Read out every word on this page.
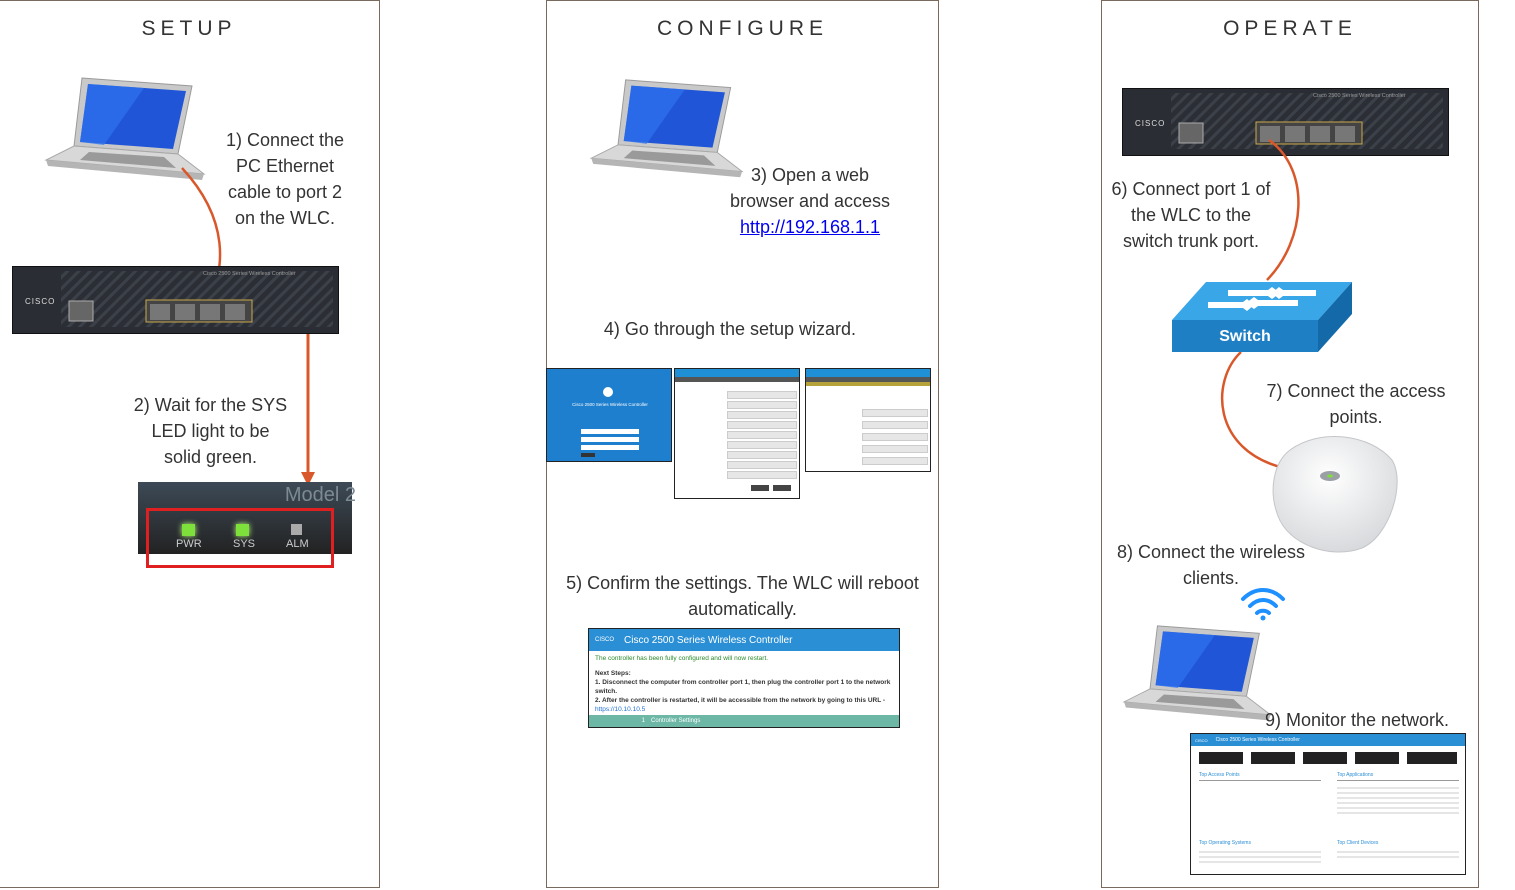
SETUP
1) Connect the
PC Ethernet
cable to port 2
on the WLC.
CISCO
Cisco 2500 Series Wireless Controller
2) Wait for the SYS
LED light to be
solid green.
Model 2
PWR	SYS	ALM
CONFIGURE
3) Open a web
browser and access
http://192.168.1.1
4) Go through the setup wizard.
Cisco 2500 Series Wireless Controller
5) Confirm the settings. The WLC will reboot
automatically.
CISCO Cisco 2500 Series Wireless Controller
The controller has been fully configured and will now restart.
Next Steps:
1. Disconnect the computer from controller port 1, then plug the controller port 1 to the network switch.
2. After the controller is restarted, it will be accessible from the network by going to this URL -
https://10.10.10.5
1	Controller Settings
OPERATE
CISCO
Cisco 2500 Series Wireless Controller
6) Connect port 1 of
the WLC to the
switch trunk port.
Switch
7) Connect the access
points.
8) Connect the wireless
clients.
9) Monitor the network.
CISCO Cisco 2500 Series Wireless Controller
Top Access Points	Top Applications
Top Operating Systems	Top Client Devices
